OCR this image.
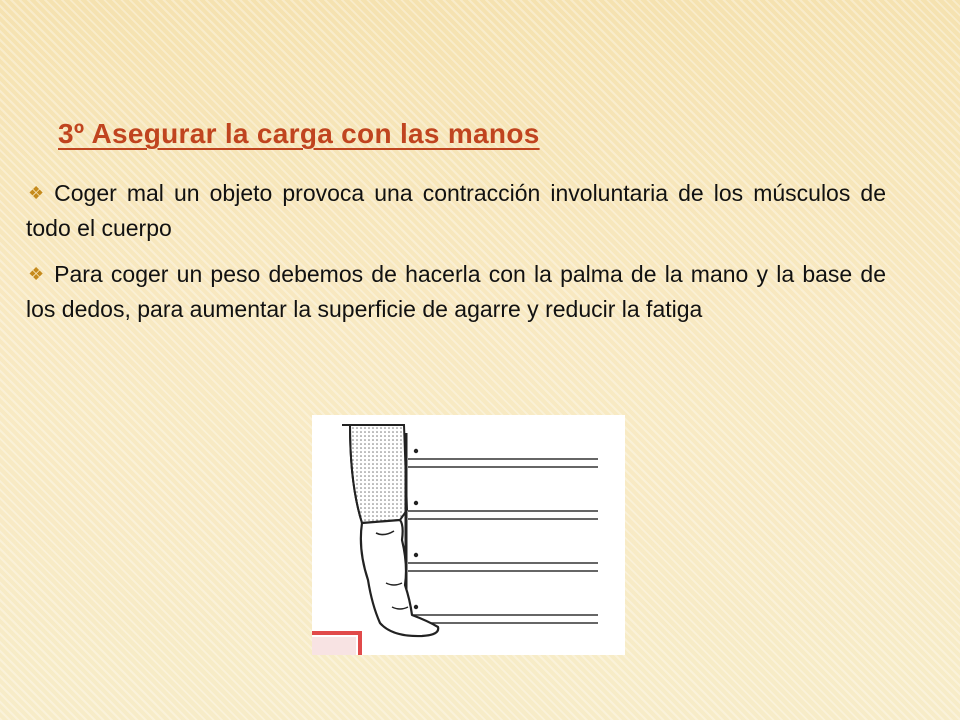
3º Asegurar la carga con las manos
❖ Coger mal un objeto provoca una contracción involuntaria de los músculos de todo el cuerpo
❖ Para coger un peso debemos de hacerla con la palma de la mano y la base de los dedos, para aumentar la superficie de agarre y reducir la fatiga
